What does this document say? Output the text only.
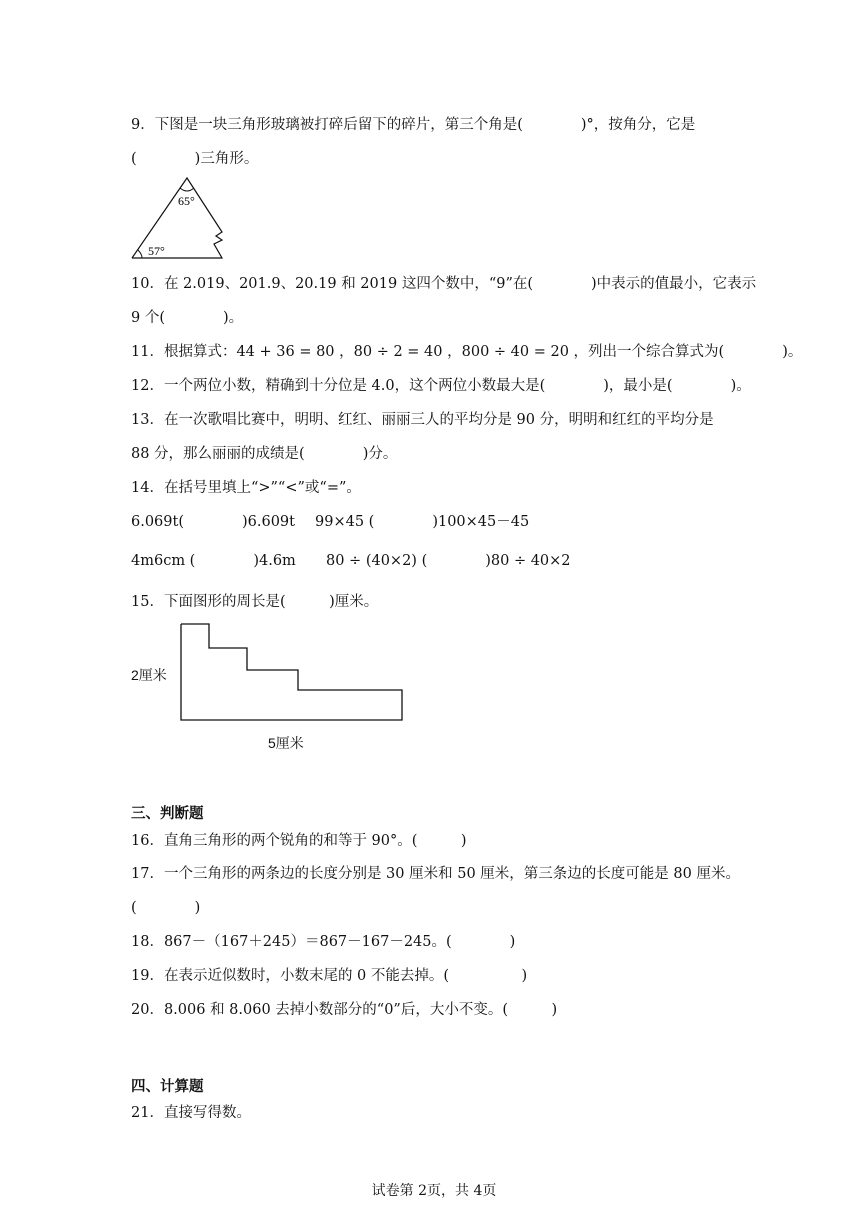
9．下图是一块三角形玻璃被打碎后留下的碎片，第三个角是(　　　　)°，按角分，它是
(　　　　)三角形。
65°
57°
10．在 2.019、201.9、20.19 和 2019 这四个数中，“9”在(　　　　)中表示的值最小，它表示
9 个(　　　　)。
11．根据算式：44 + 36 = 80 ，80 ÷ 2 = 40 ，800 ÷ 40 = 20 ，列出一个综合算式为(　　　　)。
12．一个两位小数，精确到十分位是 4.0，这个两位小数最大是(　　　　)，最小是(　　　　)。
13．在一次歌唱比赛中，明明、红红、丽丽三人的平均分是 90 分，明明和红红的平均分是
88 分，那么丽丽的成绩是(　　　　)分。
14．在括号里填上“>”“<”或“=”。
6.069t(　　　　)6.609t 99×45 (　　　　)100×45－45
4m6cm (　　　　)4.6m 80 ÷ (40×2) (　　　　)80 ÷ 40×2
15．下面图形的周长是(　　　)厘米。
2厘米
5厘米
三、判断题
16．直角三角形的两个锐角的和等于 90°。(　　　)
17．一个三角形的两条边的长度分别是 30 厘米和 50 厘米，第三条边的长度可能是 80 厘米。
(　　　　)
18．867－（167＋245）＝867－167－245。(　　　　)
19．在表示近似数时，小数末尾的 0 不能去掉。(　　　　　)
20．8.006 和 8.060 去掉小数部分的“0”后，大小不变。(　　　)
四、计算题
21．直接写得数。
试卷第 2页，共 4页
